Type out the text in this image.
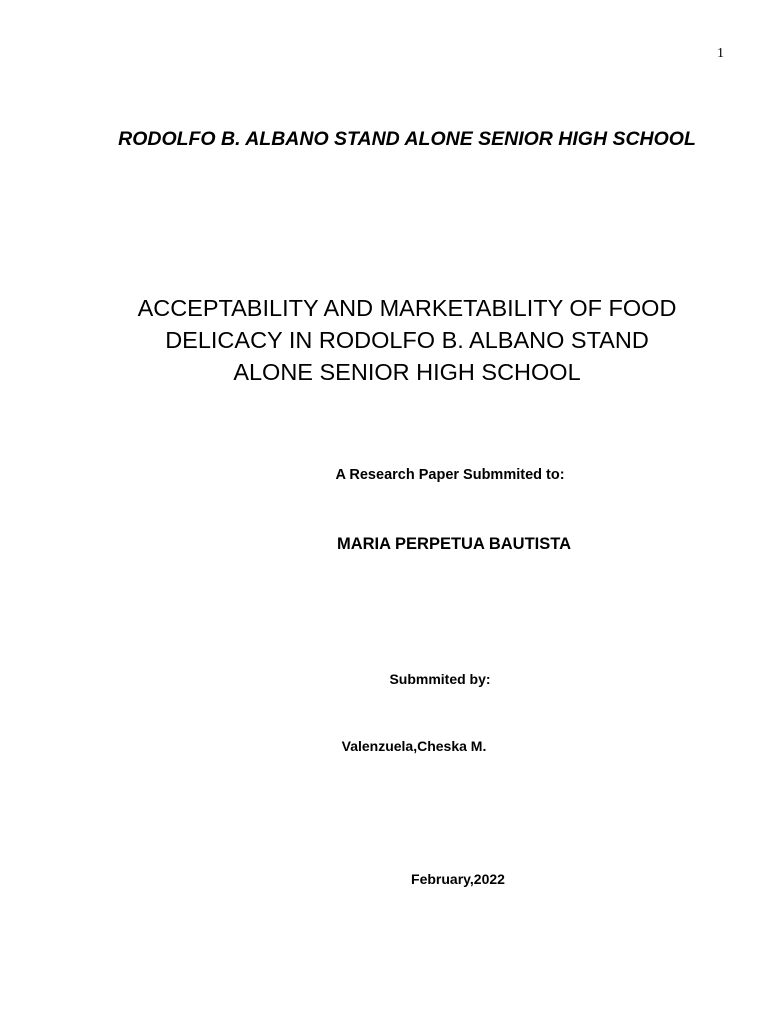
1
RODOLFO B. ALBANO STAND ALONE SENIOR HIGH SCHOOL
ACCEPTABILITY AND MARKETABILITY OF FOOD
DELICACY IN RODOLFO B. ALBANO STAND
ALONE SENIOR HIGH SCHOOL
A Research Paper Submmited to:
MARIA PERPETUA BAUTISTA
Submmited by:
Valenzuela,Cheska M.
February,2022
